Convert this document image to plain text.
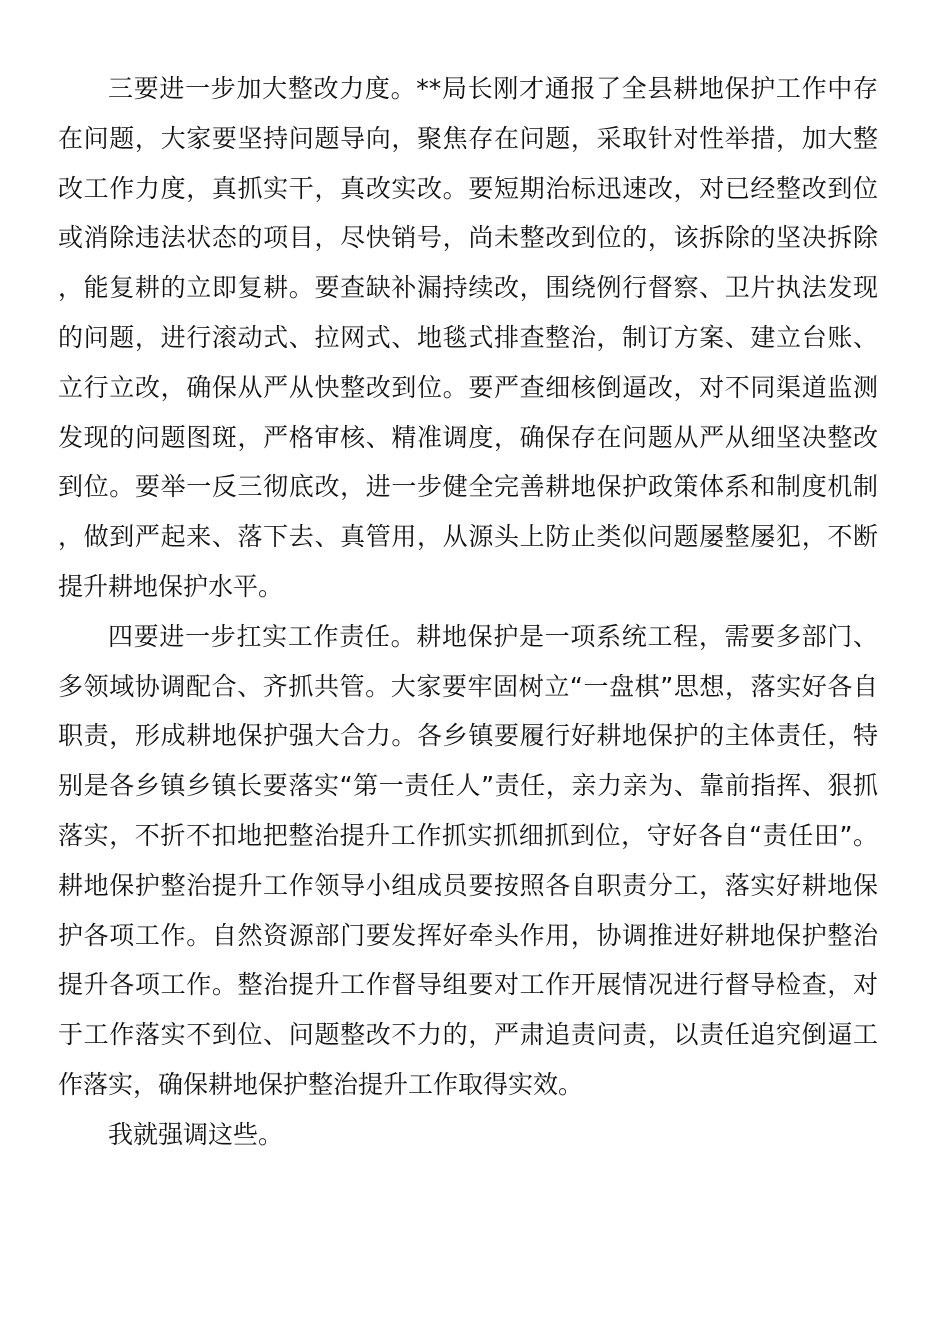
三要进一步加大整改力度。**局长刚才通报了全县耕地保护工作中存在问题，大家要坚持问题导向，聚焦存在问题，采取针对性举措，加大整改工作力度，真抓实干，真改实改。要短期治标迅速改，对已经整改到位或消除违法状态的项目，尽快销号，尚未整改到位的，该拆除的坚决拆除，能复耕的立即复耕。要查缺补漏持续改，围绕例行督察、卫片执法发现的问题，进行滚动式、拉网式、地毯式排查整治，制订方案、建立台账、立行立改，确保从严从快整改到位。要严查细核倒逼改，对不同渠道监测发现的问题图斑，严格审核、精准调度，确保存在问题从严从细坚决整改到位。要举一反三彻底改，进一步健全完善耕地保护政策体系和制度机制，做到严起来、落下去、真管用，从源头上防止类似问题屡整屡犯，不断提升耕地保护水平。

四要进一步扛实工作责任。耕地保护是一项系统工程，需要多部门、多领域协调配合、齐抓共管。大家要牢固树立“一盘棋”思想，落实好各自职责，形成耕地保护强大合力。各乡镇要履行好耕地保护的主体责任，特别是各乡镇乡镇长要落实“第一责任人”责任，亲力亲为、靠前指挥、狠抓落实，不折不扣地把整治提升工作抓实抓细抓到位，守好各自“责任田”。耕地保护整治提升工作领导小组成员要按照各自职责分工，落实好耕地保护各项工作。自然资源部门要发挥好牵头作用，协调推进好耕地保护整治提升各项工作。整治提升工作督导组要对工作开展情况进行督导检查，对于工作落实不到位、问题整改不力的，严肃追责问责，以责任追究倒逼工作落实，确保耕地保护整治提升工作取得实效。

我就强调这些。
